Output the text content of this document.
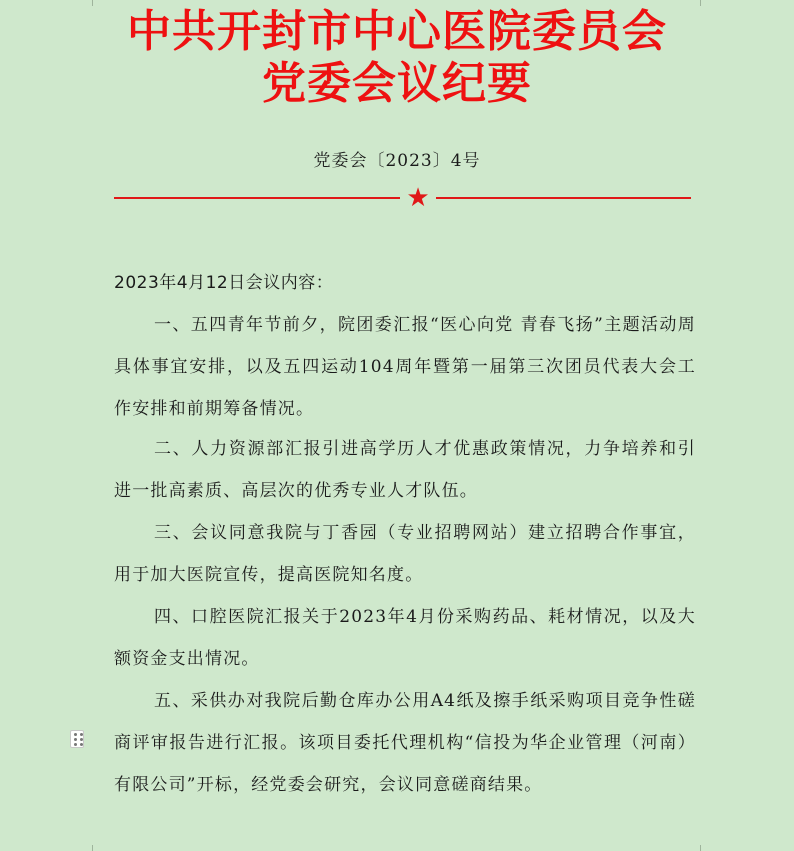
中共开封市中心医院委员会
党委会议纪要
党委会〔2023〕4号
★
2023年4月12日会议内容：
一、五四青年节前夕，院团委汇报“医心向党 青春飞扬”主题活动周具体事宜安排，以及五四运动104周年暨第一届第三次团员代表大会工作安排和前期筹备情况。
二、人力资源部汇报引进高学历人才优惠政策情况，力争培养和引进一批高素质、高层次的优秀专业人才队伍。
三、会议同意我院与丁香园（专业招聘网站）建立招聘合作事宜，用于加大医院宣传，提高医院知名度。
四、口腔医院汇报关于2023年4月份采购药品、耗材情况，以及大额资金支出情况。
五、采供办对我院后勤仓库办公用A4纸及擦手纸采购项目竞争性磋商评审报告进行汇报。该项目委托代理机构“信投为华企业管理（河南）有限公司”开标，经党委会研究，会议同意磋商结果。
